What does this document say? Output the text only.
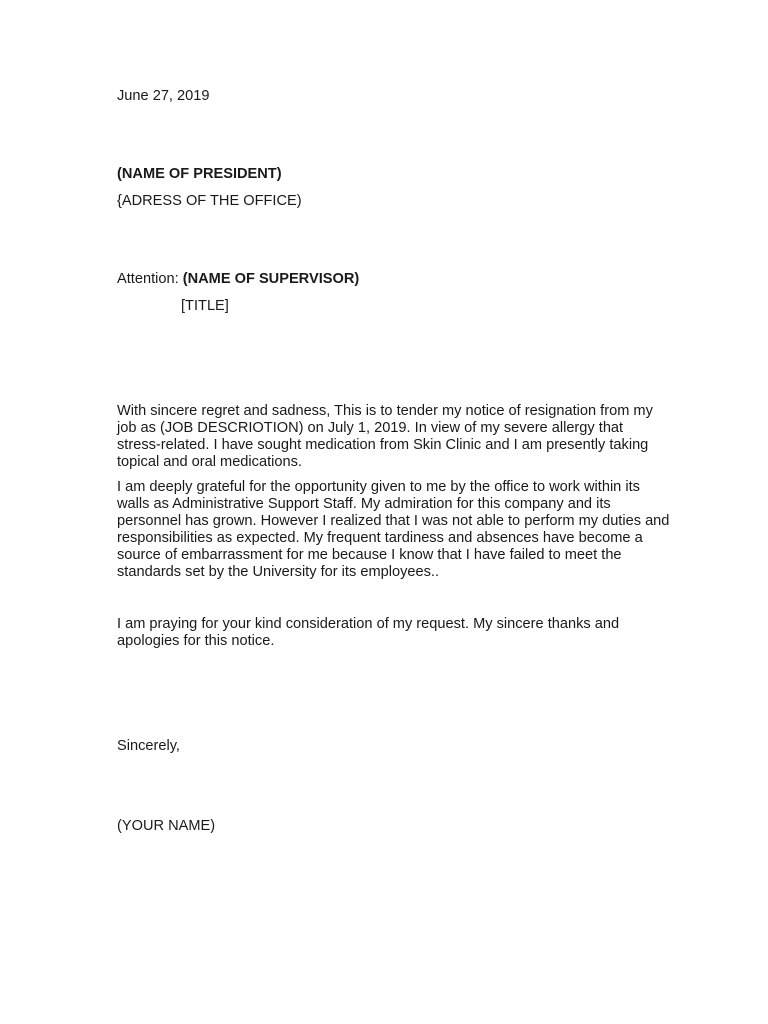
June 27, 2019
(NAME OF PRESIDENT)
{ADRESS OF THE OFFICE)
Attention: (NAME OF SUPERVISOR)
[TITLE]
With sincere regret and sadness, This is to tender my notice of resignation from my
job as (JOB DESCRIOTION) on July 1, 2019. In view of my severe allergy that
stress-related. I have sought medication from Skin Clinic and I am presently taking
topical and oral medications.
I am deeply grateful for the opportunity given to me by the office to work within its
walls as Administrative Support Staff. My admiration for this company and its
personnel has grown. However I realized that I was not able to perform my duties and
responsibilities as expected. My frequent tardiness and absences have become a
source of embarrassment for me because I know that I have failed to meet the
standards set by the University for its employees..
I am praying for your kind consideration of my request. My sincere thanks and
apologies for this notice.
Sincerely,
(YOUR NAME)
